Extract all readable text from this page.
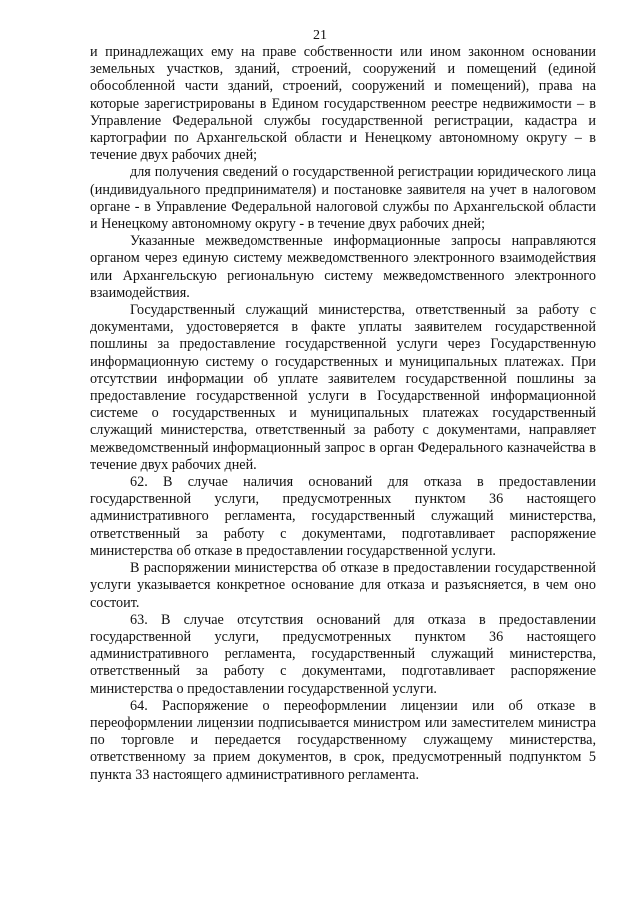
21

и принадлежащих ему на праве собственности или ином законном основании земельных участков, зданий, строений, сооружений и помещений (единой обособленной части зданий, строений, сооружений и помещений), права на которые зарегистрированы в Едином государственном реестре недвижимости – в Управление Федеральной службы государственной регистрации, кадастра и картографии по Архангельской области и Ненецкому автономному округу – в течение двух рабочих дней;

для получения сведений о государственной регистрации юридического лица (индивидуального предпринимателя) и постановке заявителя на учет в налоговом органе - в Управление Федеральной налоговой службы по Архангельской области и Ненецкому автономному округу - в течение двух рабочих дней;

Указанные межведомственные информационные запросы направляются органом через единую систему межведомственного электронного взаимодействия или Архангельскую региональную систему межведомственного электронного взаимодействия.

Государственный служащий министерства, ответственный за работу с документами, удостоверяется в факте уплаты заявителем государственной пошлины за предоставление государственной услуги через Государственную информационную систему о государственных и муниципальных платежах. При отсутствии информации об уплате заявителем государственной пошлины за предоставление государственной услуги в Государственной информационной системе о государственных и муниципальных платежах государственный служащий министерства, ответственный за работу с документами, направляет межведомственный информационный запрос в орган Федерального казначейства в течение двух рабочих дней.

62. В случае наличия оснований для отказа в предоставлении государственной услуги, предусмотренных пунктом 36 настоящего административного регламента, государственный служащий министерства, ответственный за работу с документами, подготавливает распоряжение министерства об отказе в предоставлении государственной услуги.

В распоряжении министерства об отказе в предоставлении государственной услуги указывается конкретное основание для отказа и разъясняется, в чем оно состоит.

63. В случае отсутствия оснований для отказа в предоставлении государственной услуги, предусмотренных пунктом 36 настоящего административного регламента, государственный служащий министерства, ответственный за работу с документами, подготавливает распоряжение министерства о предоставлении государственной услуги.

64. Распоряжение о переоформлении лицензии или об отказе в переоформлении лицензии подписывается министром или заместителем министра по торговле и передается государственному служащему министерства, ответственному за прием документов, в срок, предусмотренный подпунктом 5 пункта 33 настоящего административного регламента.
